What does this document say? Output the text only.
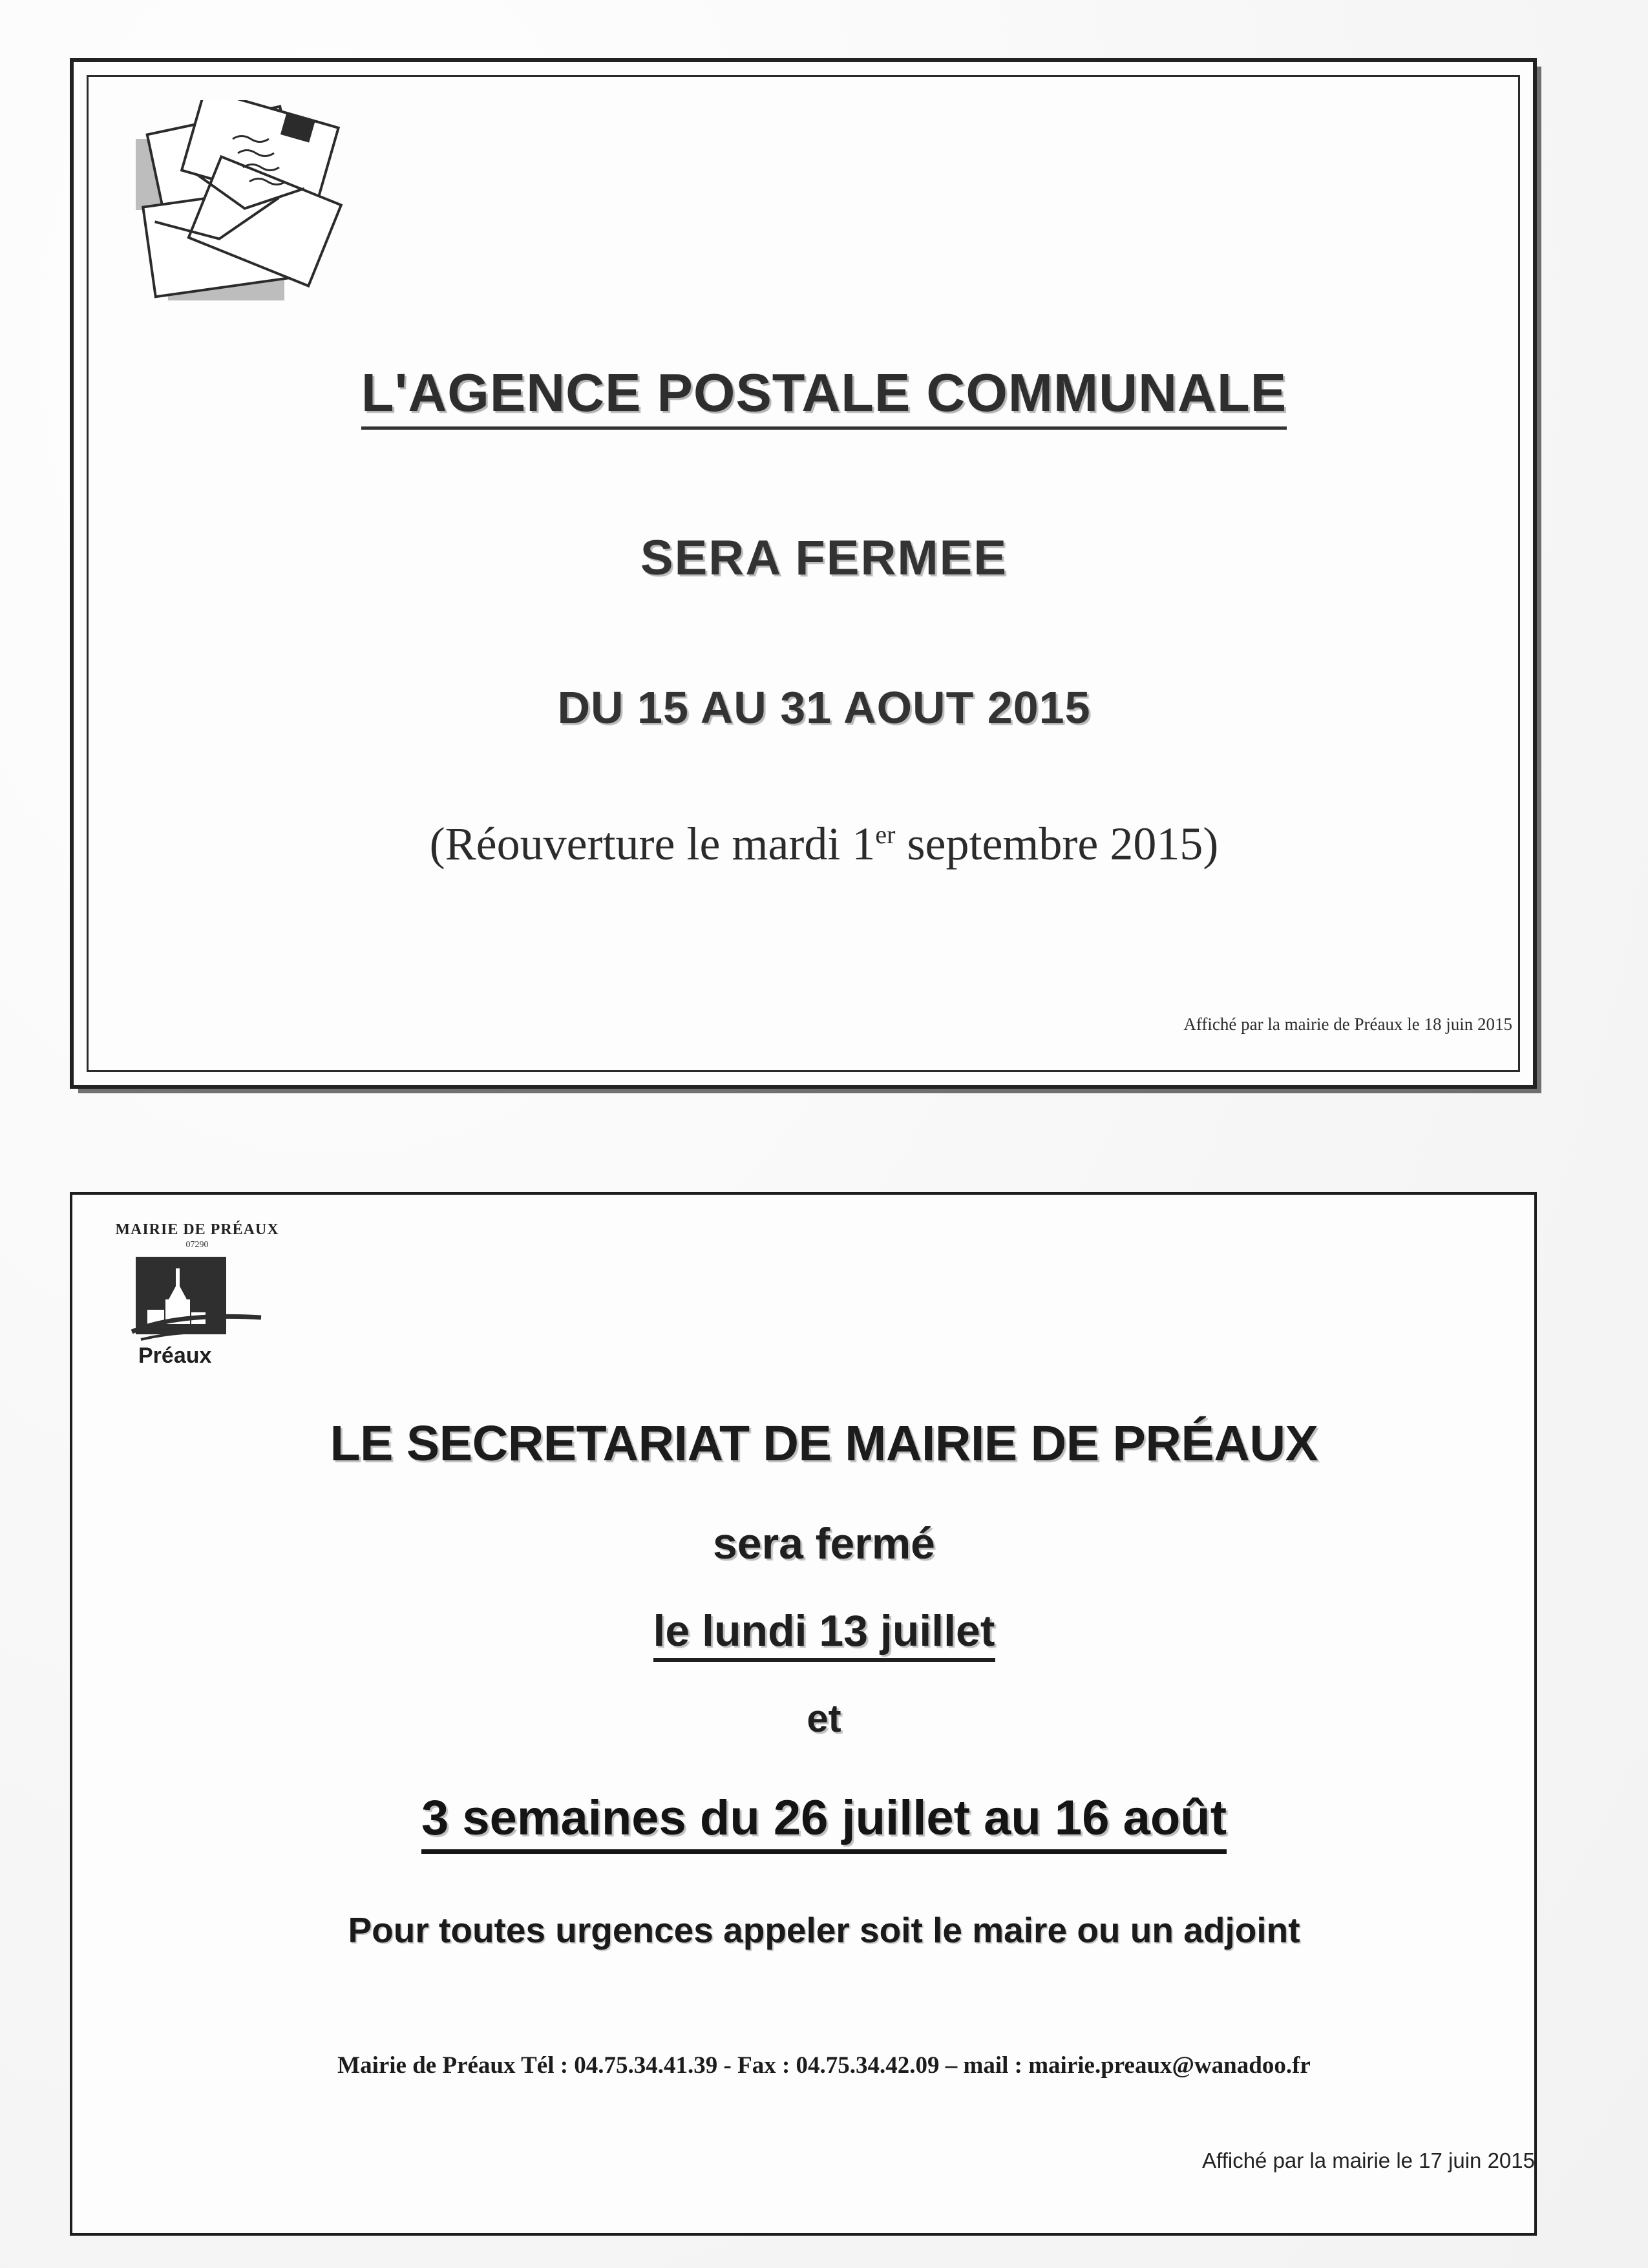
L'AGENCE POSTALE COMMUNALE
SERA FERMEE
DU 15 AU 31 AOUT 2015
(Réouverture le mardi 1er septembre 2015)
Affiché par la mairie de Préaux le 18 juin 2015
MAIRIE DE PRÉAUX
07290
Préaux
LE SECRETARIAT DE MAIRIE DE PRÉAUX
sera fermé
le lundi 13 juillet
et
3 semaines du 26 juillet au 16 août
Pour toutes urgences appeler soit le maire ou un adjoint
Mairie de Préaux Tél : 04.75.34.41.39 - Fax : 04.75.34.42.09 – mail : mairie.preaux@wanadoo.fr
Affiché par la mairie le 17 juin 2015
